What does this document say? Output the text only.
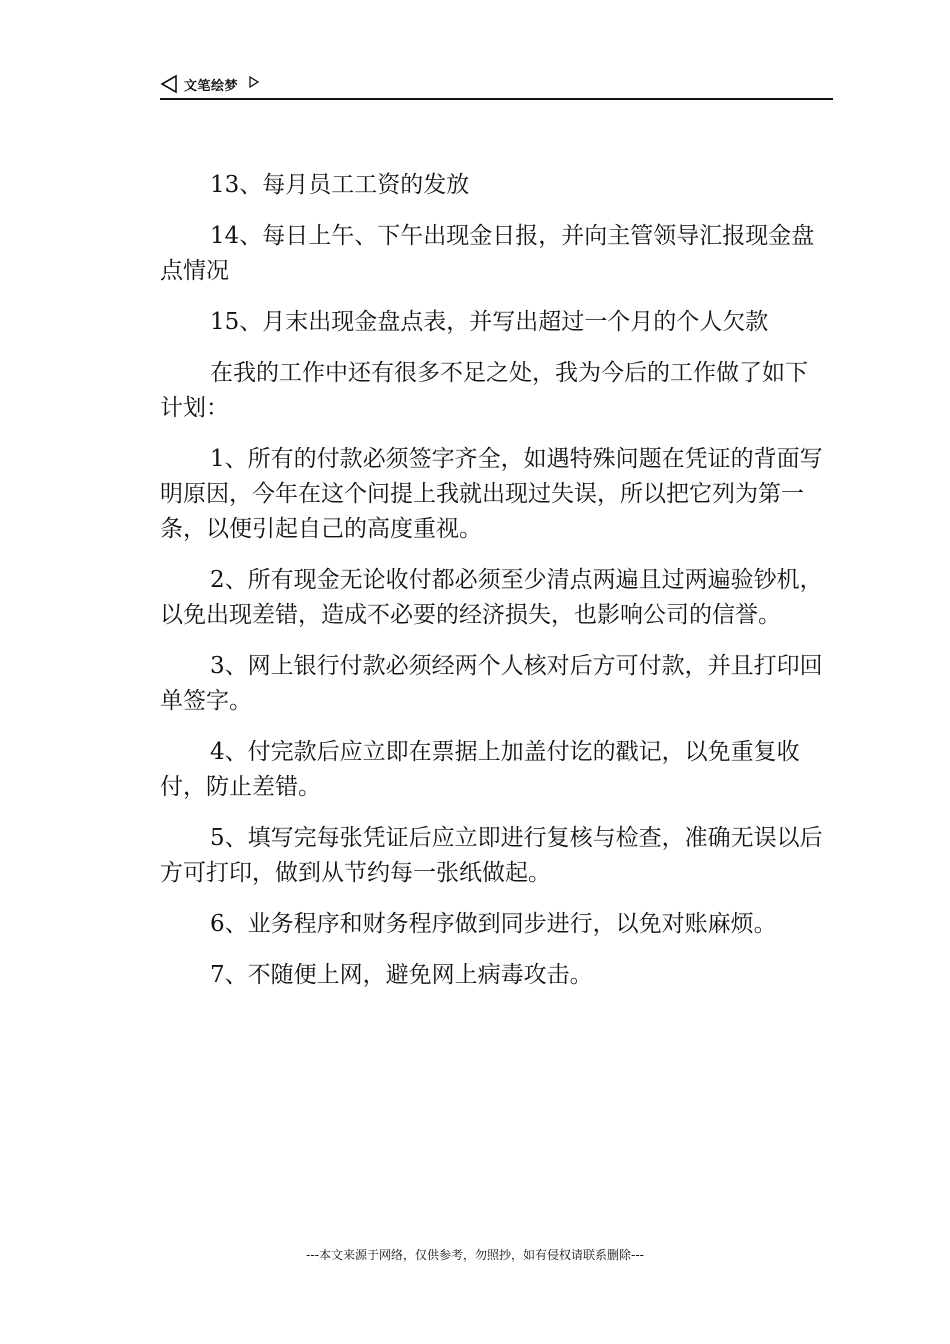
文笔绘梦

13、每月员工工资的发放

14、每日上午、下午出现金日报，并向主管领导汇报现金盘点情况

15、月末出现金盘点表，并写出超过一个月的个人欠款

在我的工作中还有很多不足之处，我为今后的工作做了如下计划：

1、所有的付款必须签字齐全，如遇特殊问题在凭证的背面写明原因，今年在这个问提上我就出现过失误，所以把它列为第一条，以便引起自己的高度重视。

2、所有现金无论收付都必须至少清点两遍且过两遍验钞机，以免出现差错，造成不必要的经济损失，也影响公司的信誉。

3、网上银行付款必须经两个人核对后方可付款，并且打印回单签字。

4、付完款后应立即在票据上加盖付讫的戳记，以免重复收付，防止差错。

5、填写完每张凭证后应立即进行复核与检查，准确无误以后方可打印，做到从节约每一张纸做起。

6、业务程序和财务程序做到同步进行，以免对账麻烦。

7、不随便上网，避免网上病毒攻击。

---本文来源于网络，仅供参考，勿照抄，如有侵权请联系删除---
